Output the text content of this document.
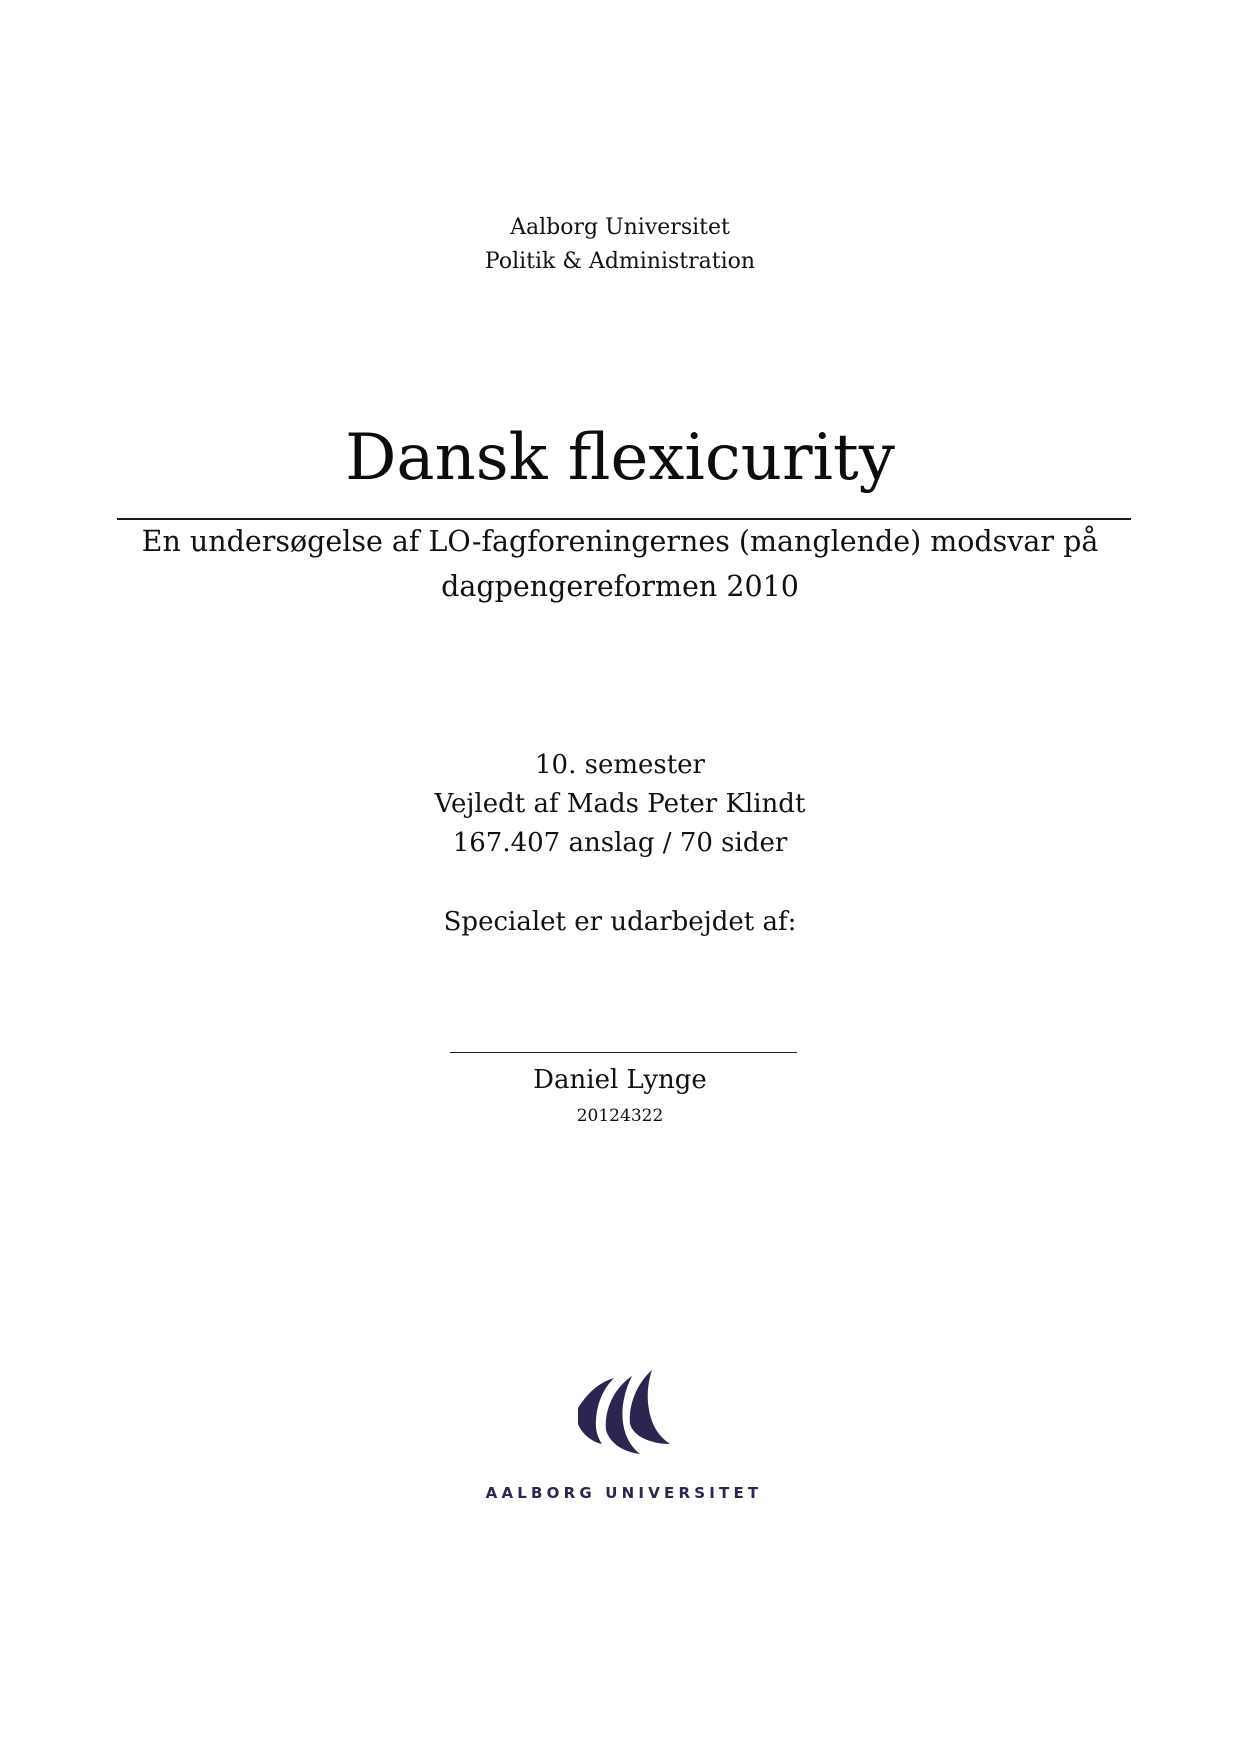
Aalborg Universitet
Politik & Administration
Dansk flexicurity
En undersøgelse af LO-fagforeningernes (manglende) modsvar på
dagpengereformen 2010
10. semester
Vejledt af Mads Peter Klindt
167.407 anslag / 70 sider
Specialet er udarbejdet af:
Daniel Lynge
20124322
AALBORG UNIVERSITET
